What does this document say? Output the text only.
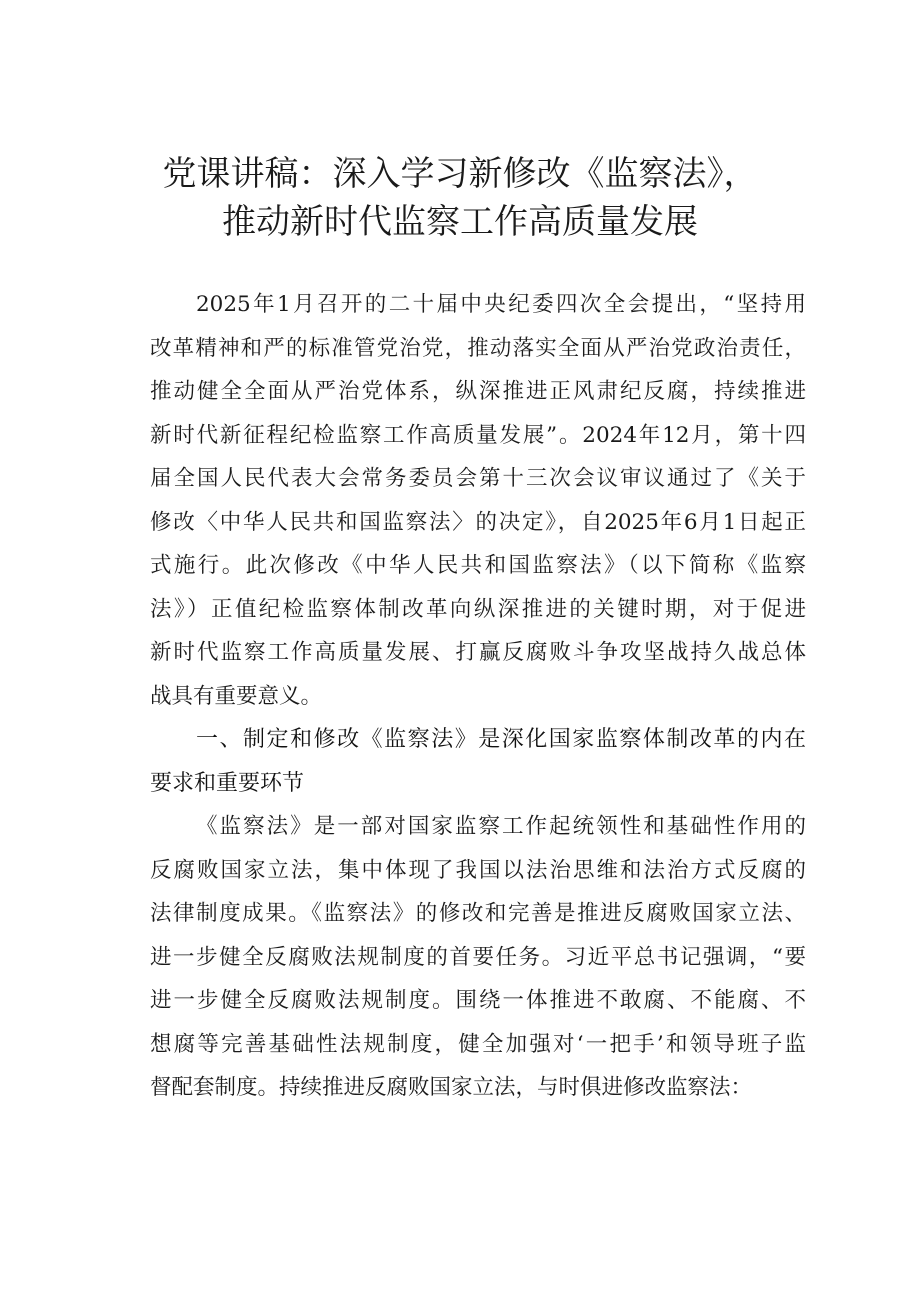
党课讲稿：深入学习新修改《监察法》，
推动新时代监察工作高质量发展
2025年1月召开的二十届中央纪委四次全会提出，“坚持用
改革精神和严的标准管党治党，推动落实全面从严治党政治责任，
推动健全全面从严治党体系，纵深推进正风肃纪反腐，持续推进
新时代新征程纪检监察工作高质量发展”。2024年12月，第十四
届全国人民代表大会常务委员会第十三次会议审议通过了《关于
修改〈中华人民共和国监察法〉的决定》，自2025年6月1日起正
式施行。此次修改《中华人民共和国监察法》（以下简称《监察
法》）正值纪检监察体制改革向纵深推进的关键时期，对于促进
新时代监察工作高质量发展、打赢反腐败斗争攻坚战持久战总体
战具有重要意义。
一、制定和修改《监察法》是深化国家监察体制改革的内在
要求和重要环节
《监察法》是一部对国家监察工作起统领性和基础性作用的
反腐败国家立法，集中体现了我国以法治思维和法治方式反腐的
法律制度成果。《监察法》的修改和完善是推进反腐败国家立法、
进一步健全反腐败法规制度的首要任务。习近平总书记强调，“要
进一步健全反腐败法规制度。围绕一体推进不敢腐、不能腐、不
想腐等完善基础性法规制度，健全加强对‘一把手’和领导班子监
督配套制度。持续推进反腐败国家立法，与时俱进修改监察法：
